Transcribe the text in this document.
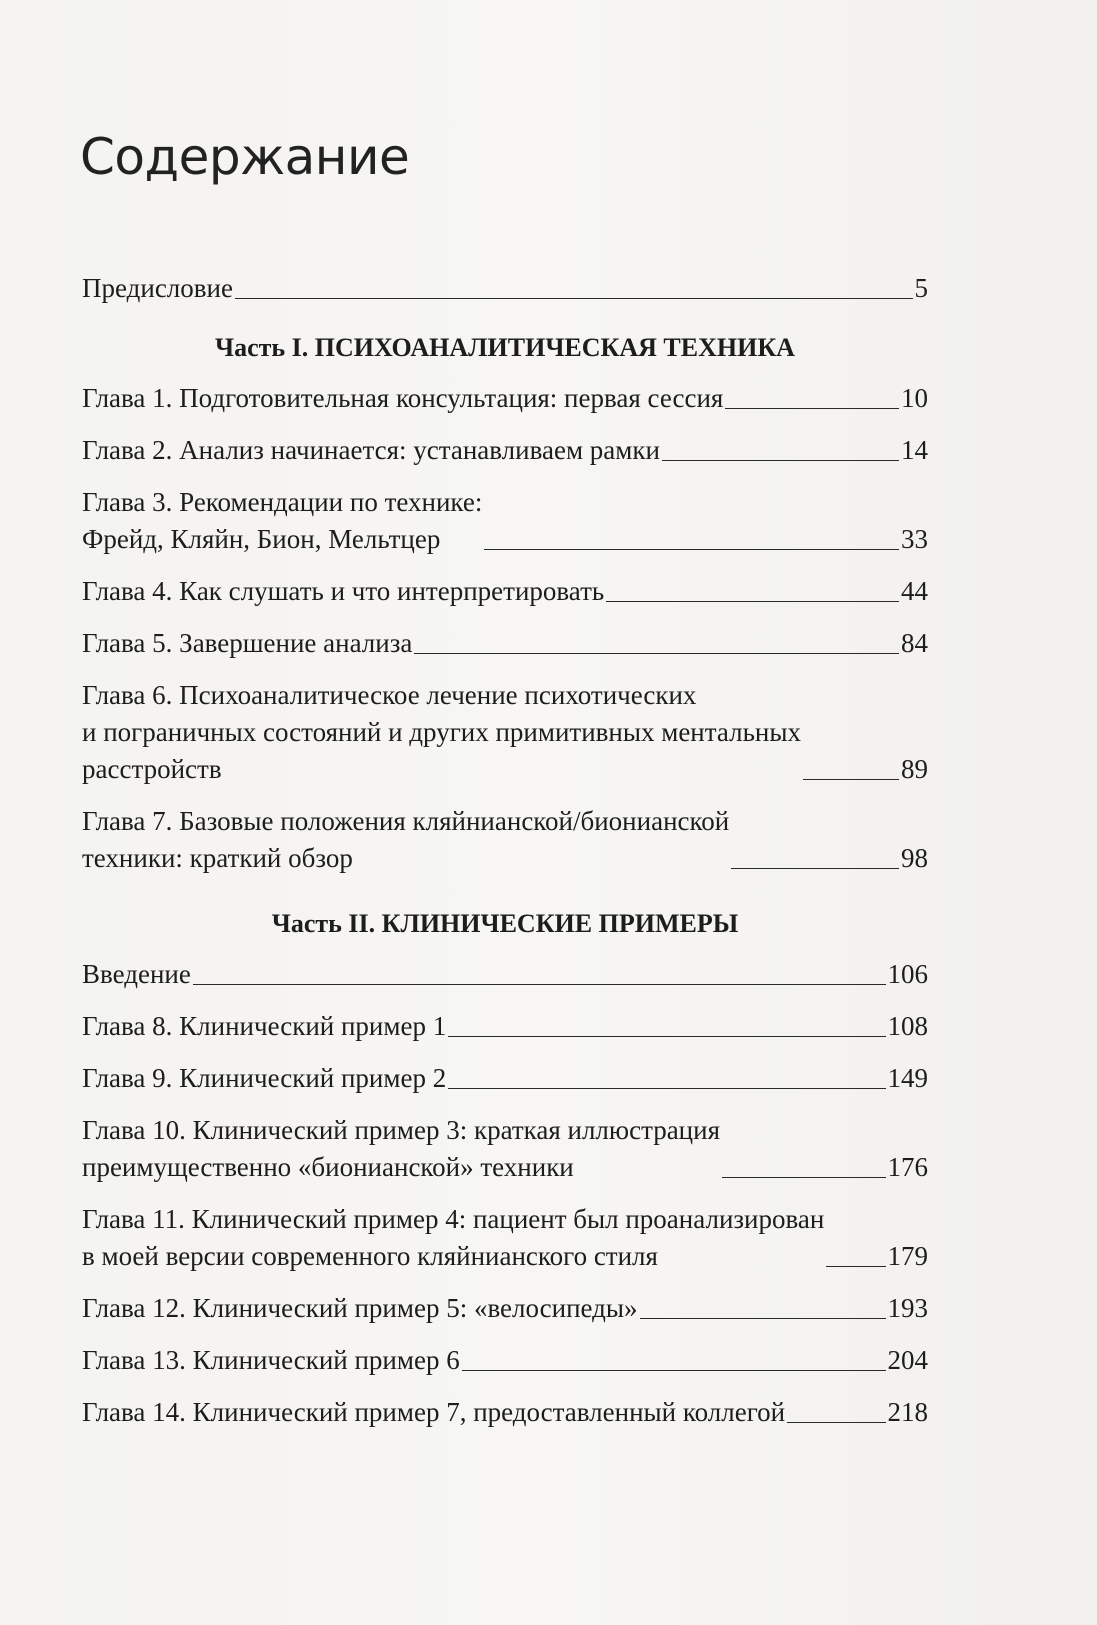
Содержание
Предисловие	5
Часть I. ПСИХОАНАЛИТИЧЕСКАЯ ТЕХНИКА
Глава 1. Подготовительная консультация: первая сессия	10
Глава 2. Анализ начинается: устанавливаем рамки	14
Глава 3. Рекомендации по технике:
Фрейд, Кляйн, Бион, Мельтцер	33
Глава 4. Как слушать и что интерпретировать	44
Глава 5. Завершение анализа	84
Глава 6. Психоаналитическое лечение психотических
и пограничных состояний и других примитивных ментальных
расстройств	89
Глава 7. Базовые положения кляйнианской/бионианской
техники: краткий обзор	98
Часть II. КЛИНИЧЕСКИЕ ПРИМЕРЫ
Введение	106
Глава 8. Клинический пример 1	108
Глава 9. Клинический пример 2	149
Глава 10. Клинический пример 3: краткая иллюстрация
преимущественно «бионианской» техники	176
Глава 11. Клинический пример 4: пациент был проанализирован
в моей версии современного кляйнианского стиля	179
Глава 12. Клинический пример 5: «велосипеды»	193
Глава 13. Клинический пример 6	204
Глава 14. Клинический пример 7, предоставленный коллегой	218
